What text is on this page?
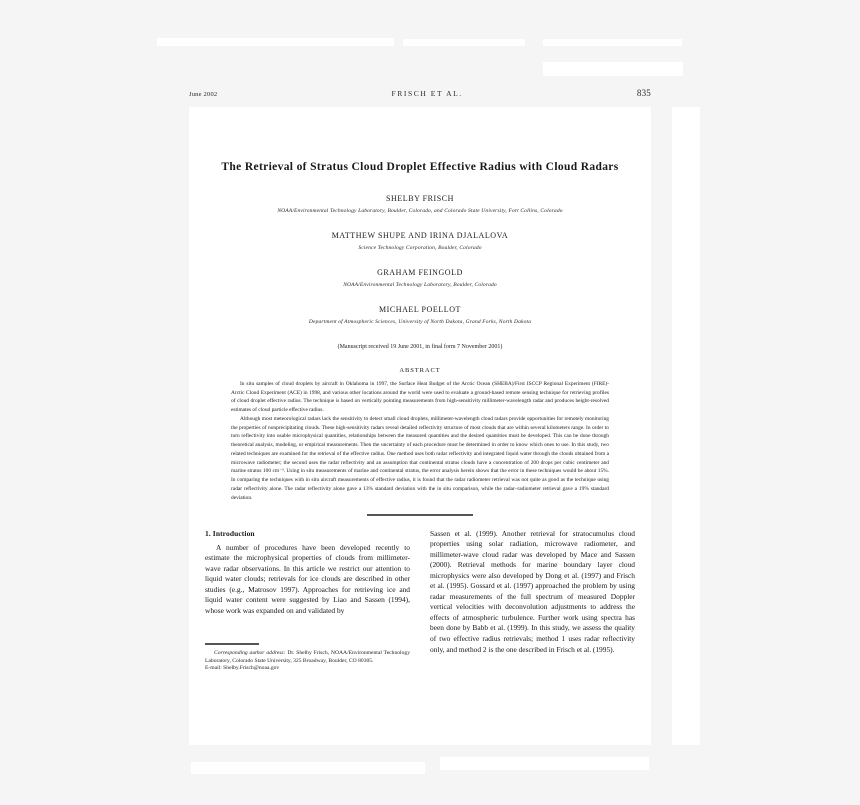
June 2002	FRISCH ET AL.	835
The Retrieval of Stratus Cloud Droplet Effective Radius with Cloud Radars
SHELBY FRISCH
NOAA/Environmental Technology Laboratory, Boulder, Colorado, and Colorado State University, Fort Collins, Colorado
MATTHEW SHUPE AND IRINA DJALALOVA
Science Technology Corporation, Boulder, Colorado
GRAHAM FEINGOLD
NOAA/Environmental Technology Laboratory, Boulder, Colorado
MICHAEL POELLOT
Department of Atmospheric Sciences, University of North Dakota, Grand Forks, North Dakota
(Manuscript received 19 June 2001, in final form 7 November 2001)
ABSTRACT

In situ samples of cloud droplets by aircraft in Oklahoma in 1997, the Surface Heat Budget of the Arctic Ocean (SHEBA)/First ISCCP Regional Experiment (FIRE)-Arctic Cloud Experiment (ACE) in 1998, and various other locations around the world were used to evaluate a ground-based remote sensing technique for retrieving profiles of cloud droplet effective radius. The technique is based on vertically pointing measurements from high-sensitivity millimeter-wavelength radar and produces height-resolved estimates of cloud particle effective radius.

Although most meteorological radars lack the sensitivity to detect small cloud droplets, millimeter-wavelength cloud radars provide opportunities for remotely monitoring the properties of nonprecipitating clouds. These high-sensitivity radars reveal detailed reflectivity structure of most clouds that are within several kilometers range. In order to turn reflectivity into usable microphysical quantities, relationships between the measured quantities and the desired quantities must be developed. This can be done through theoretical analysis, modeling, or empirical measurements. Then the uncertainty of each procedure must be determined in order to know which ones to use. In this study, two related techniques are examined for the retrieval of the effective radius. One method uses both radar reflectivity and integrated liquid water through the clouds obtained from a microwave radiometer; the second uses the radar reflectivity and an assumption that continental stratus clouds have a concentration of 200 drops per cubic centimeter and marine stratus 100 cm⁻³. Using in situ measurements of marine and continental stratus, the error analysis herein shows that the error in these techniques would be about 15%. In comparing the techniques with in situ aircraft measurements of effective radius, it is found that the radar radiometer retrieval was not quite as good as the technique using radar reflectivity alone. The radar reflectivity alone gave a 13% standard deviation with the in situ comparison, while the radar–radiometer retrieval gave a 19% standard deviation.

1. Introduction

A number of procedures have been developed recently to estimate the microphysical properties of clouds from millimeter-wave radar observations. In this article we restrict our attention to liquid water clouds; retrievals for ice clouds are described in other studies (e.g., Matrosov 1997). Approaches for retrieving ice and liquid water content were suggested by Liao and Sassen (1994), whose work was expanded on and validated by

Corresponding author address: Dr. Shelby Frisch, NOAA/Environmental Technology Laboratory, Colorado State University, 325 Broadway, Boulder, CO 80305.

E-mail: Shelby.Frisch@noaa.gov

Sassen et al. (1999). Another retrieval for stratocumulus cloud properties using solar radiation, microwave radiometer, and millimeter-wave cloud radar was developed by Mace and Sassen (2000). Retrieval methods for marine boundary layer cloud microphysics were also developed by Dong et al. (1997) and Frisch et al. (1995). Gossard et al. (1997) approached the problem by using radar measurements of the full spectrum of measured Doppler vertical velocities with deconvolution adjustments to address the effects of atmospheric turbulence. Further work using spectra has been done by Babb et al. (1999). In this study, we assess the quality of two effective radius retrievals; method 1 uses radar reflectivity only, and method 2 is the one described in Frisch et al. (1995).
